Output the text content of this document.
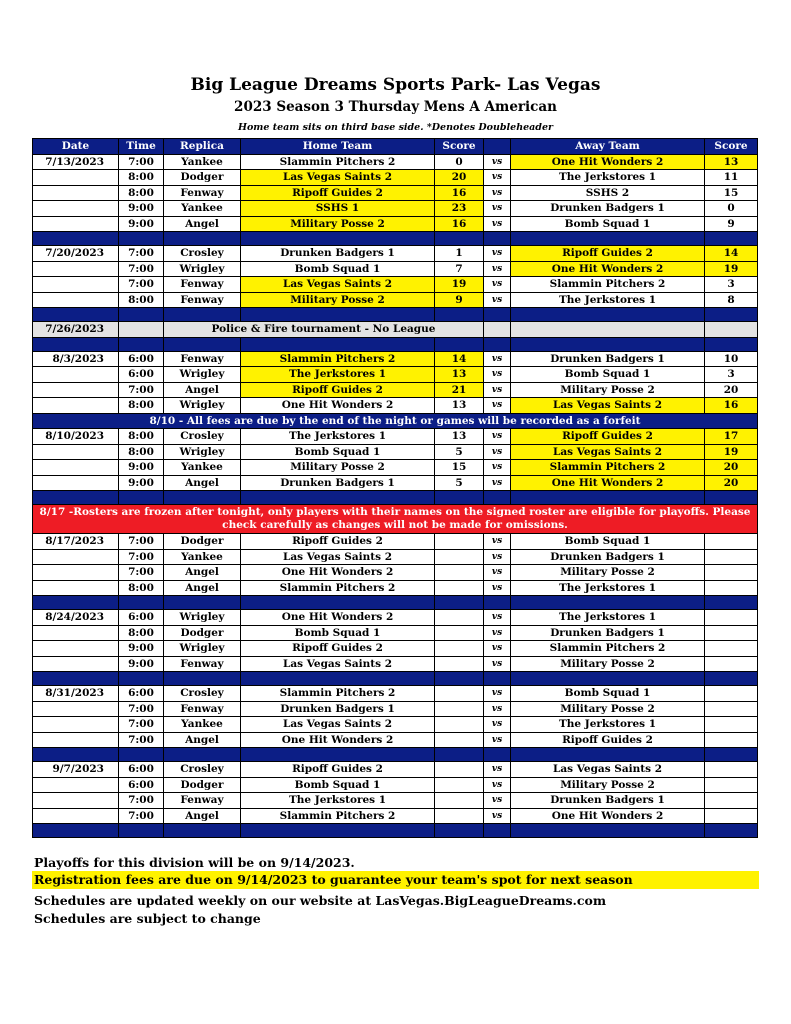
Big League Dreams Sports Park- Las Vegas
2023 Season 3 Thursday Mens A American
Home team sits on third base side. *Denotes Doubleheader
Date	Time	Replica	Home Team	Score		Away Team	Score
7/13/2023	7:00	Yankee	Slammin Pitchers 2	0	vs	One Hit Wonders 2	13
	8:00	Dodger	Las Vegas Saints 2	20	vs	The Jerkstores 1	11
	8:00	Fenway	Ripoff Guides 2	16	vs	SSHS 2	15
	9:00	Yankee	SSHS 1	23	vs	Drunken Badgers 1	0
	9:00	Angel	Military Posse 2	16	vs	Bomb Squad 1	9

7/20/2023	7:00	Crosley	Drunken Badgers 1	1	vs	Ripoff Guides 2	14
	7:00	Wrigley	Bomb Squad 1	7	vs	One Hit Wonders 2	19
	7:00	Fenway	Las Vegas Saints 2	19	vs	Slammin Pitchers 2	3
	8:00	Fenway	Military Posse 2	9	vs	The Jerkstores 1	8

7/26/2023		Police & Fire tournament - No League					

8/3/2023	6:00	Fenway	Slammin Pitchers 2	14	vs	Drunken Badgers 1	10
	6:00	Wrigley	The Jerkstores 1	13	vs	Bomb Squad 1	3
	7:00	Angel	Ripoff Guides 2	21	vs	Military Posse 2	20
	8:00	Wrigley	One Hit Wonders 2	13	vs	Las Vegas Saints 2	16
8/10 - All fees are due by the end of the night or games will be recorded as a forfeit							
8/10/2023	8:00	Crosley	The Jerkstores 1	13	vs	Ripoff Guides 2	17
	8:00	Wrigley	Bomb Squad 1	5	vs	Las Vegas Saints 2	19
	9:00	Yankee	Military Posse 2	15	vs	Slammin Pitchers 2	20
	9:00	Angel	Drunken Badgers 1	5	vs	One Hit Wonders 2	20

8/17 -Rosters are frozen after tonight, only players with their names on the signed roster are eligible for playoffs. Please check carefully as changes will not be made for omissions.							
8/17/2023	7:00	Dodger	Ripoff Guides 2		vs	Bomb Squad 1	
	7:00	Yankee	Las Vegas Saints 2		vs	Drunken Badgers 1	
	7:00	Angel	One Hit Wonders 2		vs	Military Posse 2	
	8:00	Angel	Slammin Pitchers 2		vs	The Jerkstores 1	

8/24/2023	6:00	Wrigley	One Hit Wonders 2		vs	The Jerkstores 1	
	8:00	Dodger	Bomb Squad 1		vs	Drunken Badgers 1	
	9:00	Wrigley	Ripoff Guides 2		vs	Slammin Pitchers 2	
	9:00	Fenway	Las Vegas Saints 2		vs	Military Posse 2	

8/31/2023	6:00	Crosley	Slammin Pitchers 2		vs	Bomb Squad 1	
	7:00	Fenway	Drunken Badgers 1		vs	Military Posse 2	
	7:00	Yankee	Las Vegas Saints 2		vs	The Jerkstores 1	
	7:00	Angel	One Hit Wonders 2		vs	Ripoff Guides 2	

9/7/2023	6:00	Crosley	Ripoff Guides 2		vs	Las Vegas Saints 2	
	6:00	Dodger	Bomb Squad 1		vs	Military Posse 2	
	7:00	Fenway	The Jerkstores 1		vs	Drunken Badgers 1	
	7:00	Angel	Slammin Pitchers 2		vs	One Hit Wonders 2	

Playoffs for this division will be on 9/14/2023.
Registration fees are due on 9/14/2023 to guarantee your team's spot for next season
Schedules are updated weekly on our website at LasVegas.BigLeagueDreams.com
Schedules are subject to change
